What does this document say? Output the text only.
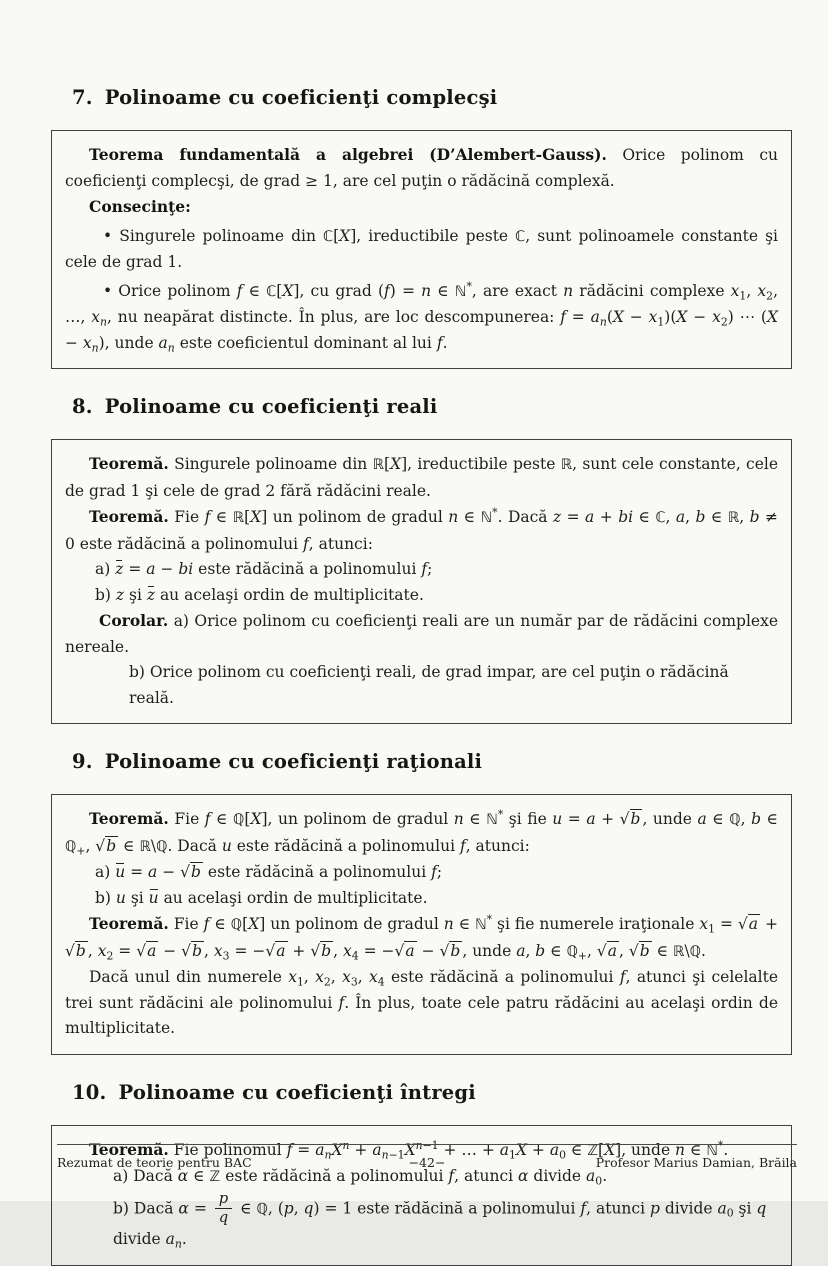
7. Polinoame cu coeficienţi complecşi

Teorema fundamentală a algebrei (D’Alembert-Gauss). Orice polinom cu coeficienţi complecşi, de grad ≥ 1, are cel puţin o rădăcină complexă.

Consecinţe:

• Singurele polinoame din ℂ[X], ireductibile peste ℂ, sunt polinoamele constante şi cele de grad 1.

• Orice polinom f ∈ ℂ[X], cu grad (f) = n ∈ ℕ*, are exact n rădăcini complexe $x_1$, $x_2$, …, $x_n$, nu neapărat distincte. În plus, are loc descompunerea: $f = a_n(X - x_1)(X - x_2)$ ⋯ $(X - x_n)$, unde $a_n$ este coeficientul dominant al lui f.

8. Polinoame cu coeficienţi reali

Teoremă. Singurele polinoame din ℝ[X], ireductibile peste ℝ, sunt cele constante, cele de grad 1 şi cele de grad 2 fără rădăcini reale.

Teoremă. Fie f ∈ ℝ[X] un polinom de gradul n ∈ ℕ*. Dacă z = a + bi ∈ ℂ, a, b ∈ ℝ, b ≠ 0 este rădăcină a polinomului f, atunci:

a) z = a − bi este rădăcină a polinomului f;

b) z şi z au acelaşi ordin de multiplicitate.

Corolar. a) Orice polinom cu coeficienţi reali are un număr par de rădăcini complexe nereale.

b) Orice polinom cu coeficienţi reali, de grad impar, are cel puţin o rădăcină reală.

9. Polinoame cu coeficienţi raţionali

Teoremă. Fie f ∈ ℚ[X], un polinom de gradul n ∈ ℕ* şi fie u = a + √b , unde a ∈ ℚ, b ∈ ℚ$_+$, √b ∈ ℝ\ℚ. Dacă u este rădăcină a polinomului f, atunci:

a) u = a − √b este rădăcină a polinomului f;

b) u şi u au acelaşi ordin de multiplicitate.

Teoremă. Fie f ∈ ℚ[X] un polinom de gradul n ∈ ℕ* şi fie numerele iraţionale $x_1 = √a + √b$ , $x_2 = √a - √b$ , $x_3 = -√a + √b$ , $x_4 = -√a - √b$ , unde a, b ∈ ℚ$_+$, √a , √b ∈ ℝ\ℚ.

Dacă unul din numerele $x_1$, $x_2$, $x_3$, $x_4$ este rădăcină a polinomului f, atunci şi celelalte trei sunt rădăcini ale polinomului f. În plus, toate cele patru rădăcini au acelaşi ordin de multiplicitate.

10. Polinoame cu coeficienţi întregi

Teoremă. Fie polinomul $f = a_nX^n + a_{n-1}X^{n-1}$ + … + $a_1X + a_0$ ∈ ℤ[X], unde n ∈ ℕ*.

a) Dacă α ∈ ℤ este rădăcină a polinomului f, atunci α divide $a_0$.

b) Dacă $\alpha = \frac{p}{q}$ ∈ ℚ, (p, q) = 1 este rădăcină a polinomului f, atunci p divide $a_0$ şi q divide $a_n$.

Rezumat de teorie pentru BAC	−42−	Profesor Marius Damian, Brăila
